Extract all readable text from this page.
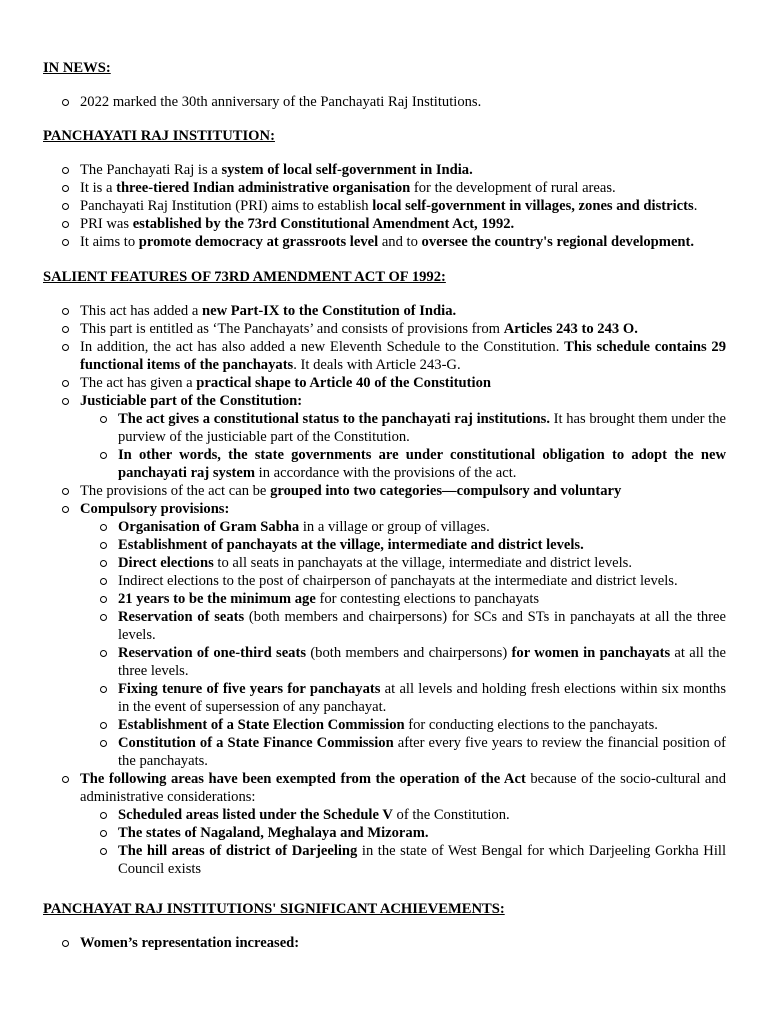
IN NEWS:
2022 marked the 30th anniversary of the Panchayati Raj Institutions.
PANCHAYATI RAJ INSTITUTION:
The Panchayati Raj is a system of local self-government in India.
It is a three-tiered Indian administrative organisation for the development of rural areas.
Panchayati Raj Institution (PRI) aims to establish local self-government in villages, zones and districts.
PRI was established by the 73rd Constitutional Amendment Act, 1992.
It aims to promote democracy at grassroots level and to oversee the country's regional development.
SALIENT FEATURES OF 73RD AMENDMENT ACT OF 1992:
This act has added a new Part-IX to the Constitution of India.
This part is entitled as ‘The Panchayats’ and consists of provisions from Articles 243 to 243 O.
In addition, the act has also added a new Eleventh Schedule to the Constitution. This schedule contains 29 functional items of the panchayats. It deals with Article 243-G.
The act has given a practical shape to Article 40 of the Constitution
Justiciable part of the Constitution:
The act gives a constitutional status to the panchayati raj institutions. It has brought them under the purview of the justiciable part of the Constitution.
In other words, the state governments are under constitutional obligation to adopt the new panchayati raj system in accordance with the provisions of the act.
The provisions of the act can be grouped into two categories—compulsory and voluntary
Compulsory provisions:
Organisation of Gram Sabha in a village or group of villages.
Establishment of panchayats at the village, intermediate and district levels.
Direct elections to all seats in panchayats at the village, intermediate and district levels.
Indirect elections to the post of chairperson of panchayats at the intermediate and district levels.
21 years to be the minimum age for contesting elections to panchayats
Reservation of seats (both members and chairpersons) for SCs and STs in panchayats at all the three levels.
Reservation of one-third seats (both members and chairpersons) for women in panchayats at all the three levels.
Fixing tenure of five years for panchayats at all levels and holding fresh elections within six months in the event of supersession of any panchayat.
Establishment of a State Election Commission for conducting elections to the panchayats.
Constitution of a State Finance Commission after every five years to review the financial position of the panchayats.
The following areas have been exempted from the operation of the Act because of the socio-cultural and administrative considerations:
Scheduled areas listed under the Schedule V of the Constitution.
The states of Nagaland, Meghalaya and Mizoram.
The hill areas of district of Darjeeling in the state of West Bengal for which Darjeeling Gorkha Hill Council exists
PANCHAYAT RAJ INSTITUTIONS' SIGNIFICANT ACHIEVEMENTS:
Women’s representation increased:
